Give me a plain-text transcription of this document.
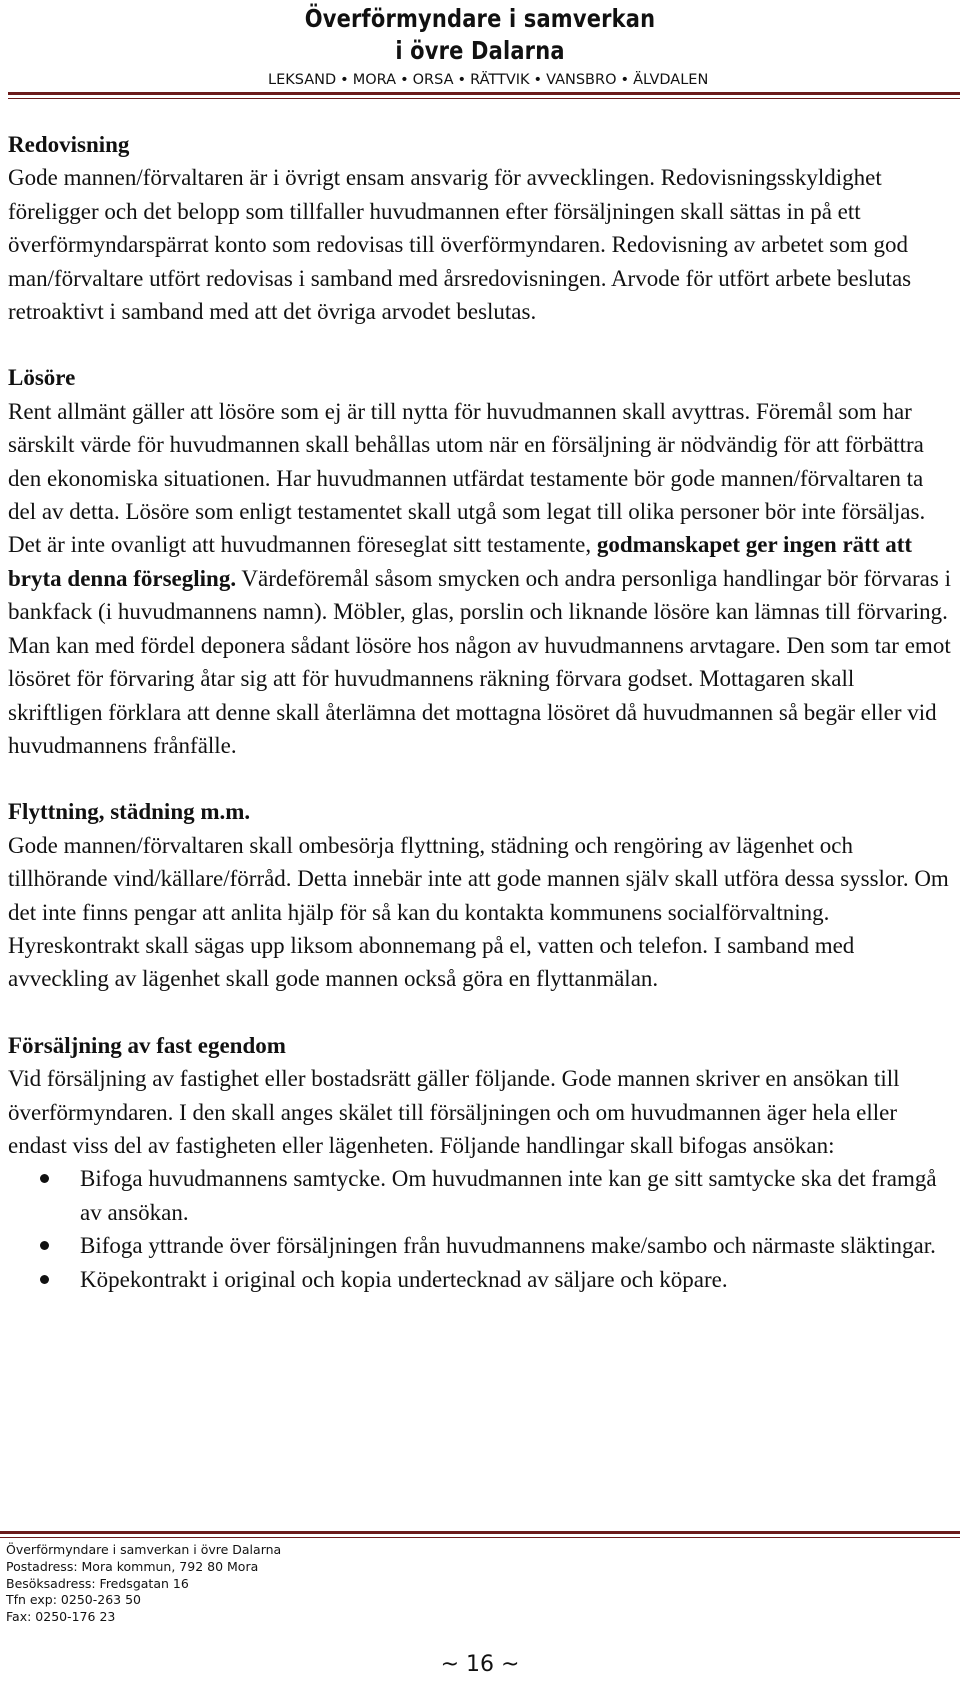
Överförmyndare i samverkan
i övre Dalarna
LEKSAND • MORA • ORSA • RÄTTVIK • VANSBRO • ÄLVDALEN
Redovisning

Gode mannen/förvaltaren är i övrigt ensam ansvarig för avvecklingen. Redovisningsskyldighet föreligger och det belopp som tillfaller huvudmannen efter försäljningen skall sättas in på ett överförmyndarspärrat konto som redovisas till överförmyndaren. Redovisning av arbetet som god man/förvaltare utfört redovisas i samband med årsredovisningen. Arvode för utfört arbete beslutas retroaktivt i samband med att det övriga arvodet beslutas.

Lösöre

Rent allmänt gäller att lösöre som ej är till nytta för huvudmannen skall avyttras. Föremål som har särskilt värde för huvudmannen skall behållas utom när en försäljning är nödvändig för att förbättra den ekonomiska situationen. Har huvudmannen utfärdat testamente bör gode mannen/förvaltaren ta del av detta. Lösöre som enligt testamentet skall utgå som legat till olika personer bör inte försäljas. Det är inte ovanligt att huvudmannen föreseglat sitt testamente, godmanskapet ger ingen rätt att bryta denna försegling. Värdeföremål såsom smycken och andra personliga handlingar bör förvaras i bankfack (i huvudmannens namn). Möbler, glas, porslin och liknande lösöre kan lämnas till förvaring. Man kan med fördel deponera sådant lösöre hos någon av huvudmannens arvtagare. Den som tar emot lösöret för förvaring åtar sig att för huvudmannens räkning förvara godset. Mottagaren skall skriftligen förklara att denne skall återlämna det mottagna lösöret då huvudmannen så begär eller vid huvudmannens frånfälle.

Flyttning, städning m.m.

Gode mannen/förvaltaren skall ombesörja flyttning, städning och rengöring av lägenhet och tillhörande vind/källare/förråd. Detta innebär inte att gode mannen själv skall utföra dessa sysslor. Om det inte finns pengar att anlita hjälp för så kan du kontakta kommunens socialförvaltning. Hyreskontrakt skall sägas upp liksom abonnemang på el, vatten och telefon. I samband med avveckling av lägenhet skall gode mannen också göra en flyttanmälan.

Försäljning av fast egendom

Vid försäljning av fastighet eller bostadsrätt gäller följande. Gode mannen skriver en ansökan till överförmyndaren. I den skall anges skälet till försäljningen och om huvudmannen äger hela eller endast viss del av fastigheten eller lägenheten. Följande handlingar skall bifogas ansökan:

Bifoga huvudmannens samtycke. Om huvudmannen inte kan ge sitt samtycke ska det framgå av ansökan.
Bifoga yttrande över försäljningen från huvudmannens make/sambo och närmaste släktingar.
Köpekontrakt i original och kopia undertecknad av säljare och köpare.
Överförmyndare i samverkan i övre Dalarna
Postadress: Mora kommun, 792 80 Mora
Besöksadress: Fredsgatan 16
Tfn exp: 0250-263 50
Fax: 0250-176 23
~ 16 ~
